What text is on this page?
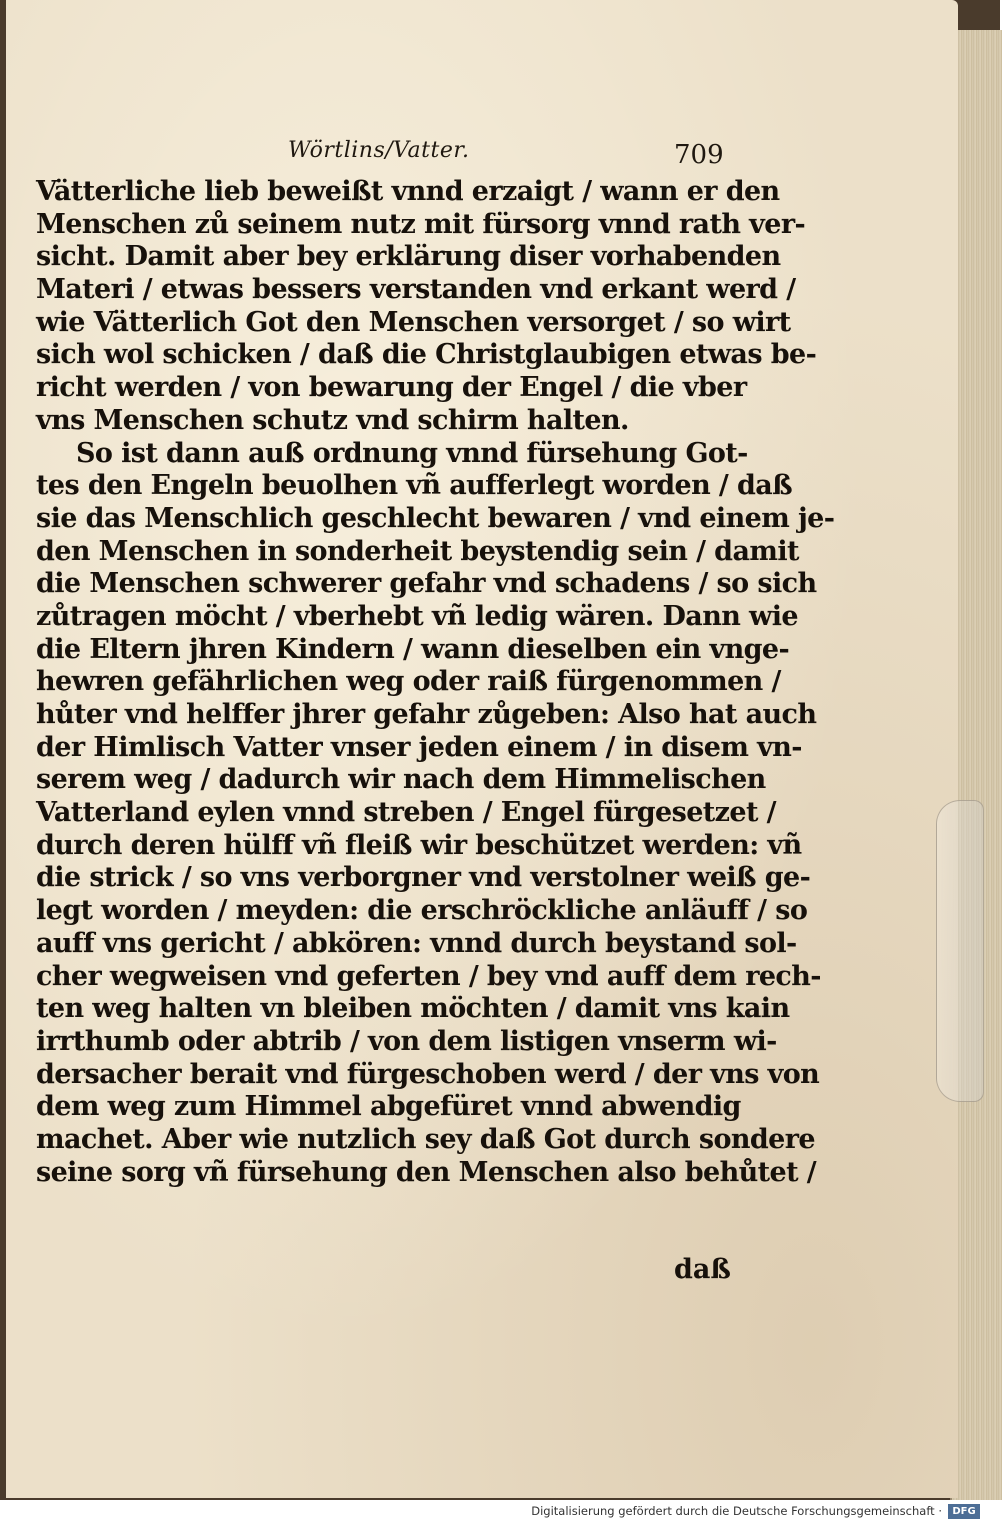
Wörtlins/Vatter.	709
Vätterliche lieb beweißt vnnd erzaigt / wann er den
Menschen zů seinem nutz mit fürsorg vnnd rath ver-
sicht. Damit aber bey erklärung diser vorhabenden
Materi / etwas bessers verstanden vnd erkant werd /
wie Vätterlich Got den Menschen versorget / so wirt
sich wol schicken / daß die Christglaubigen etwas be-
richt werden / von bewarung der Engel / die vber
vns Menschen schutz vnd schirm halten.
So ist dann auß ordnung vnnd fürsehung Got-
tes den Engeln beuolhen vñ aufferlegt worden / daß
sie das Menschlich geschlecht bewaren / vnd einem je-
den Menschen in sonderheit beystendig sein / damit
die Menschen schwerer gefahr vnd schadens / so sich
zůtragen möcht / vberhebt vñ ledig wären. Dann wie
die Eltern jhren Kindern / wann dieselben ein vnge-
hewren gefährlichen weg oder raiß fürgenommen /
hůter vnd helffer jhrer gefahr zůgeben: Also hat auch
der Himlisch Vatter vnser jeden einem / in disem vn-
serem weg / dadurch wir nach dem Himmelischen
Vatterland eylen vnnd streben / Engel fürgesetzet /
durch deren hülff vñ fleiß wir beschützet werden: vñ
die strick / so vns verborgner vnd verstolner weiß ge-
legt worden / meyden: die erschröckliche anläuff / so
auff vns gericht / abkören: vnnd durch beystand sol-
cher wegweisen vnd geferten / bey vnd auff dem rech-
ten weg halten vn bleiben möchten / damit vns kain
irrthumb oder abtrib / von dem listigen vnserm wi-
dersacher berait vnd fürgeschoben werd / der vns von
dem weg zum Himmel abgefüret vnnd abwendig
machet. Aber wie nutzlich sey daß Got durch sondere
seine sorg vñ fürsehung den Menschen also behůtet /
daß
Digitalisierung gefördert durch die Deutsche Forschungsgemeinschaft ·	DFG
